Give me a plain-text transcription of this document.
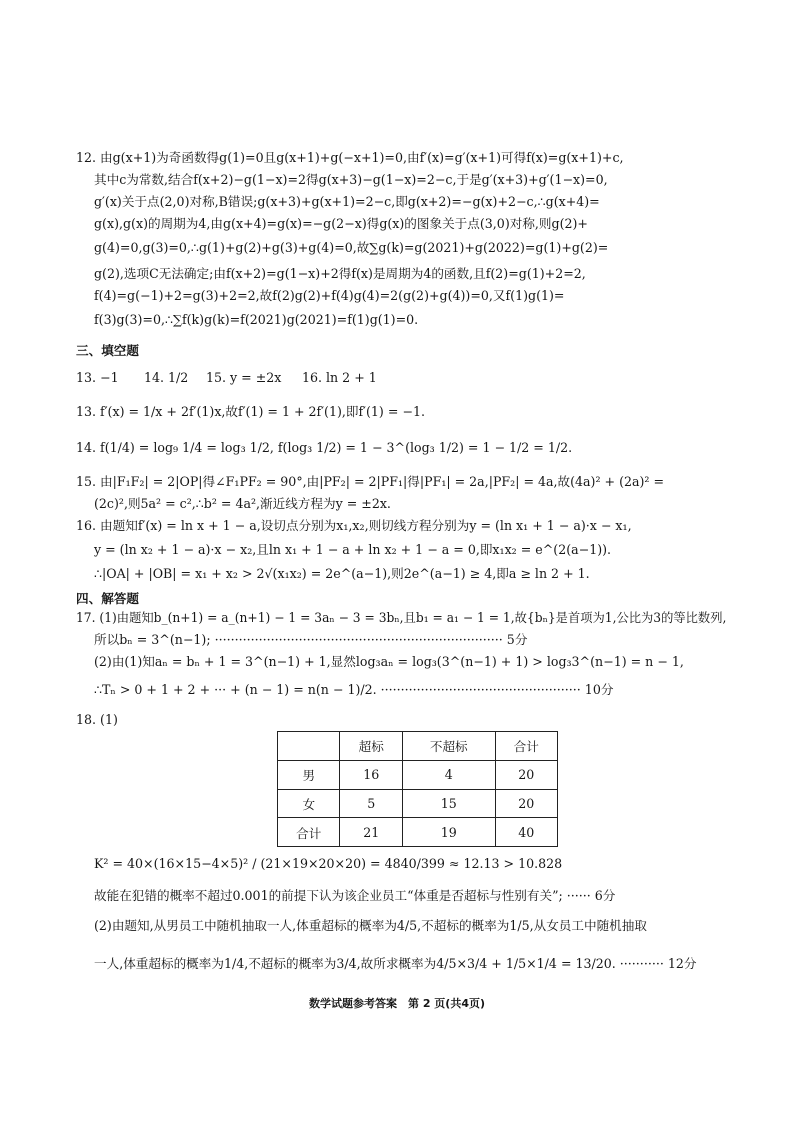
12. 由g(x+1)为奇函数得g(1)=0且g(x+1)+g(−x+1)=0,由f′(x)=g′(x+1)可得f(x)=g(x+1)+c,
其中c为常数,结合f(x+2)−g(1−x)=2得g(x+3)−g(1−x)=2−c,于是g′(x+3)+g′(1−x)=0,
g′(x)关于点(2,0)对称,B错误;g(x+3)+g(x+1)=2−c,即g(x+2)=−g(x)+2−c,∴g(x+4)=
g(x),g(x)的周期为4,由g(x+4)=g(x)=−g(2−x)得g(x)的图象关于点(3,0)对称,则g(2)+
g(4)=0,g(3)=0,∴g(1)+g(2)+g(3)+g(4)=0,故∑g(k)=g(2021)+g(2022)=g(1)+g(2)=
g(2),选项C无法确定;由f(x+2)=g(1−x)+2得f(x)是周期为4的函数,且f(2)=g(1)+2=2,
f(4)=g(−1)+2=g(3)+2=2,故f(2)g(2)+f(4)g(4)=2(g(2)+g(4))=0,又f(1)g(1)=
f(3)g(3)=0,∴∑f(k)g(k)=f(2021)g(2021)=f(1)g(1)=0.
三、填空题
13. −1 14. 1/2 15. y = ±2x 16. ln 2 + 1
13. f′(x) = 1/x + 2f′(1)x,故f′(1) = 1 + 2f′(1),即f′(1) = −1.
14. f(1/4) = log₉ 1/4 = log₃ 1/2, f(log₃ 1/2) = 1 − 3^(log₃ 1/2) = 1 − 1/2 = 1/2.
15. 由|F₁F₂| = 2|OP|得∠F₁PF₂ = 90°,由|PF₂| = 2|PF₁|得|PF₁| = 2a,|PF₂| = 4a,故(4a)² + (2a)² =
(2c)²,则5a² = c²,∴b² = 4a²,渐近线方程为y = ±2x.
16. 由题知f′(x) = ln x + 1 − a,设切点分别为x₁,x₂,则切线方程分别为y = (ln x₁ + 1 − a)·x − x₁,
y = (ln x₂ + 1 − a)·x − x₂,且ln x₁ + 1 − a + ln x₂ + 1 − a = 0,即x₁x₂ = e^(2(a−1)).
∴|OA| + |OB| = x₁ + x₂ > 2√(x₁x₂) = 2e^(a−1),则2e^(a−1) ≥ 4,即a ≥ ln 2 + 1.
四、解答题
17. (1)由题知b_(n+1) = a_(n+1) − 1 = 3aₙ − 3 = 3bₙ,且b₁ = a₁ − 1 = 1,故{bₙ}是首项为1,公比为3的等比数列,
所以bₙ = 3^(n−1); ········································································ 5分
(2)由(1)知aₙ = bₙ + 1 = 3^(n−1) + 1,显然log₃aₙ = log₃(3^(n−1) + 1) > log₃3^(n−1) = n − 1,
∴Tₙ > 0 + 1 + 2 + ··· + (n − 1) = n(n − 1)/2. ·················································· 10分
18. (1)
	超标	不超标	合计
男	16	4	20
女	5	15	20
合计	21	19	40
K² = 40×(16×15−4×5)² / (21×19×20×20) = 4840/399 ≈ 12.13 > 10.828
故能在犯错的概率不超过0.001的前提下认为该企业员工“体重是否超标与性别有关”; ······ 6分
(2)由题知,从男员工中随机抽取一人,体重超标的概率为4/5,不超标的概率为1/5,从女员工中随机抽取
一人,体重超标的概率为1/4,不超标的概率为3/4,故所求概率为4/5×3/4 + 1/5×1/4 = 13/20. ··········· 12分
数学试题参考答案　第 2 页(共4页)
